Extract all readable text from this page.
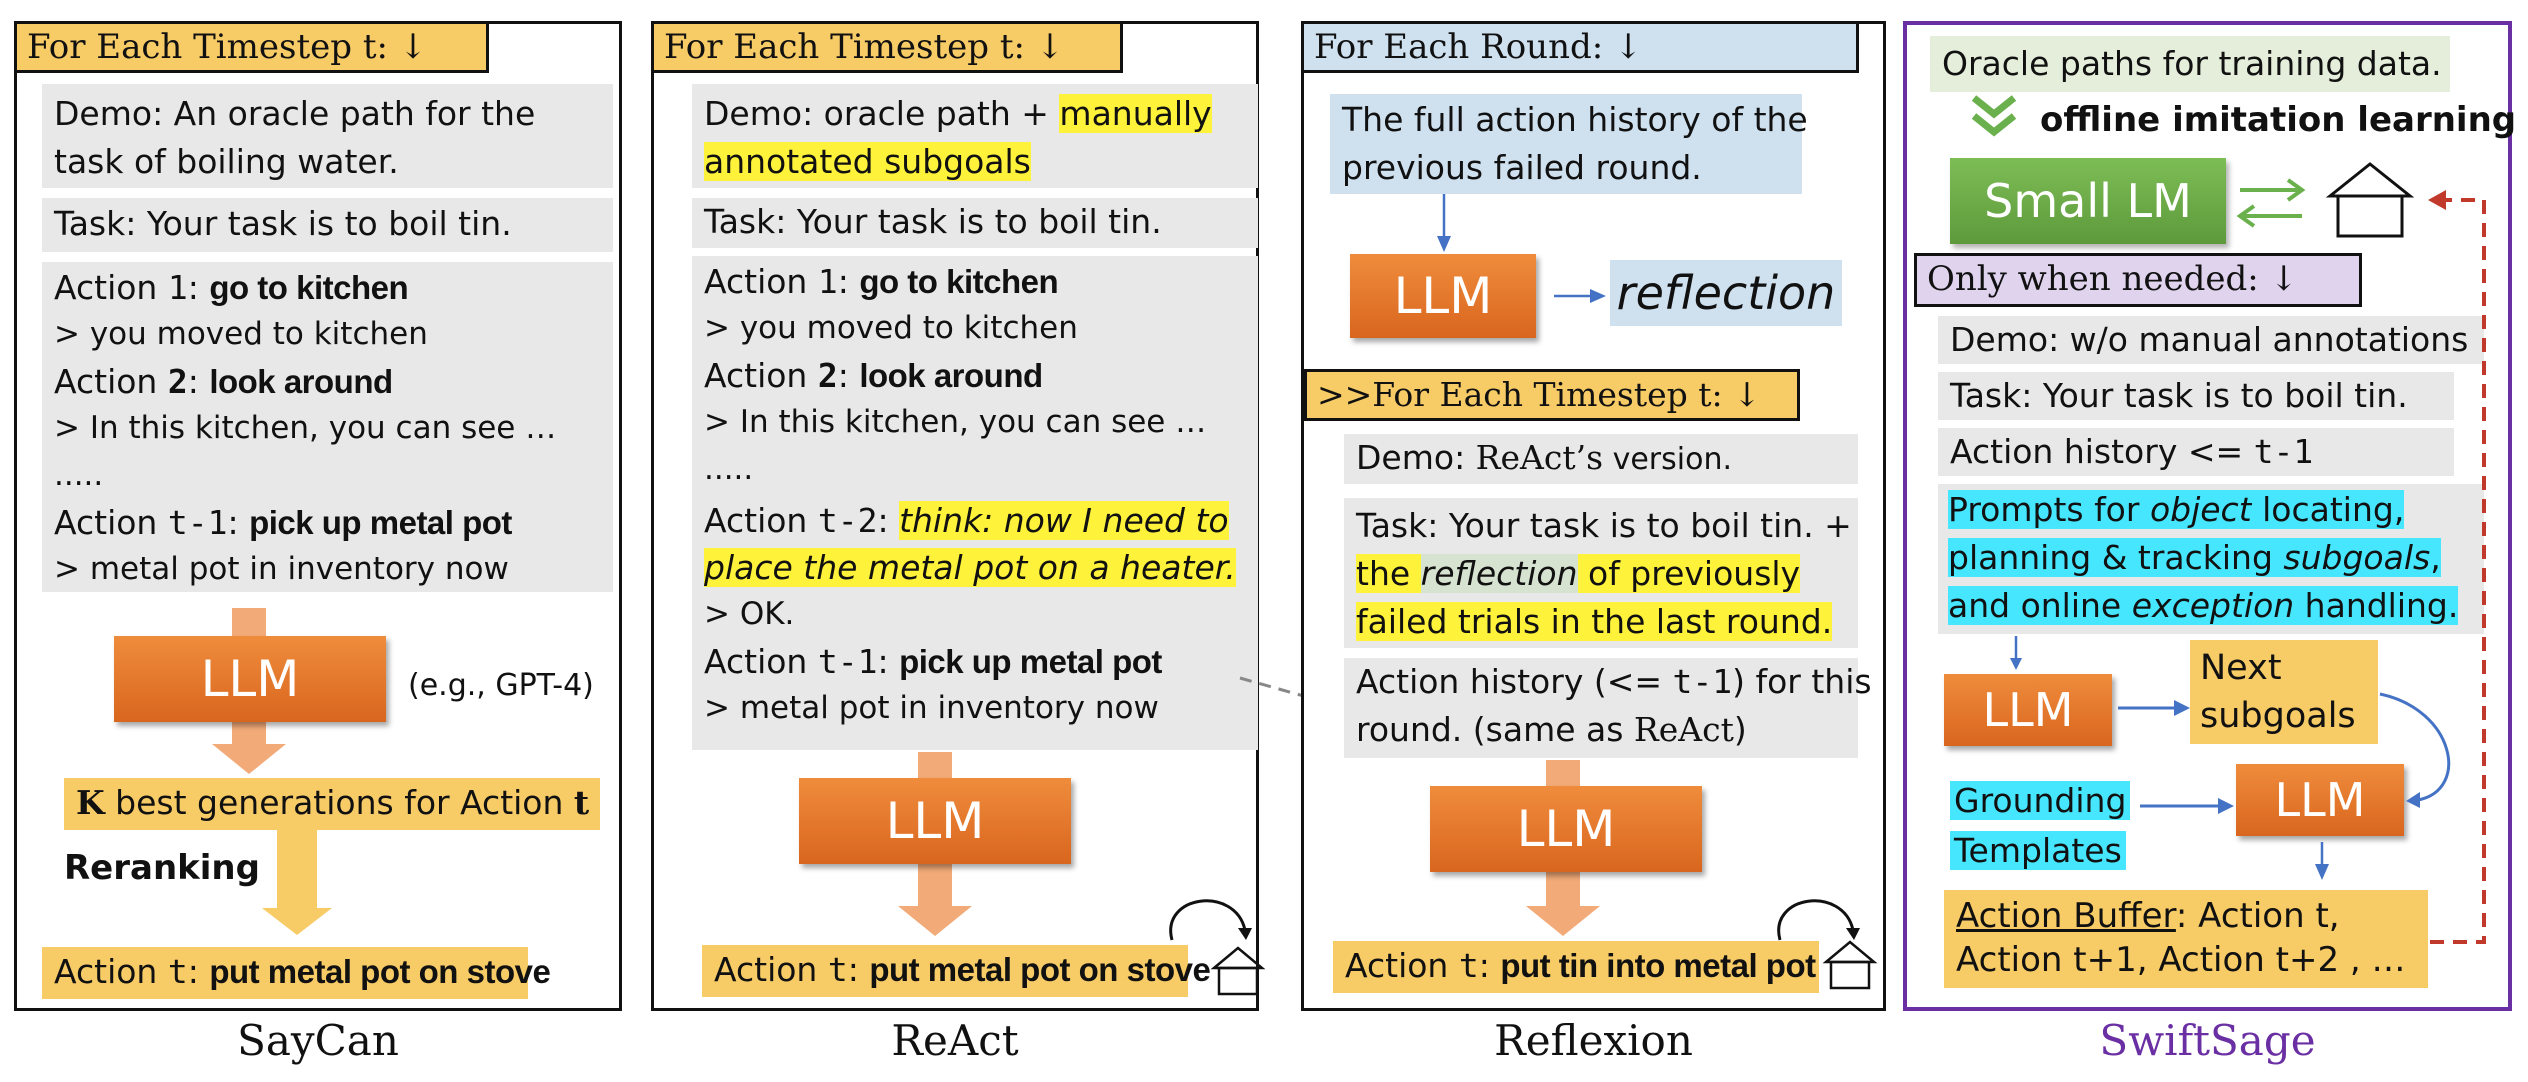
For Each Timestep t: ↓
Demo: An oracle path for the
task of boiling water.
Task: Your task is to boil tin.
Action 1: go to kitchen
> you moved to kitchen
Action 2: look around
> In this kitchen, you can see …
.....
Action t-1: pick up metal pot
> metal pot in inventory now
LLM	(e.g., GPT-4)
K best generations for Action t
Reranking
Action t: put metal pot on stove
For Each Timestep t: ↓
Demo: oracle path + manually
annotated subgoals
Task: Your task is to boil tin.
Action 1: go to kitchen
> you moved to kitchen
Action 2: look around
> In this kitchen, you can see …
.....
Action t-2: think: now I need to
place the metal pot on a heater.
> OK.
Action t-1: pick up metal pot
> metal pot in inventory now
LLM
Action t: put metal pot on stove
For Each Round: ↓
The full action history of the
previous failed round.
LLM	reflection
>>For Each Timestep t: ↓
Demo: ReAct’s version.
Task: Your task is to boil tin. +
the reflection of previously
failed trials in the last round.
Action history (<= t-1) for this
round. (same as ReAct)
LLM
Action t: put tin into metal pot
Oracle paths for training data.
offline imitation learning
Small LM
Only when needed: ↓
Demo: w/o manual annotations
Task: Your task is to boil tin.
Action history <= t-1
Prompts for object locating,
planning & tracking subgoals,
and online exception handling.
LLM
Next
subgoals
Grounding
Templates
LLM
Action Buffer: Action t,
Action t+1, Action t+2 , …
SayCan	ReAct	Reflexion	SwiftSage
